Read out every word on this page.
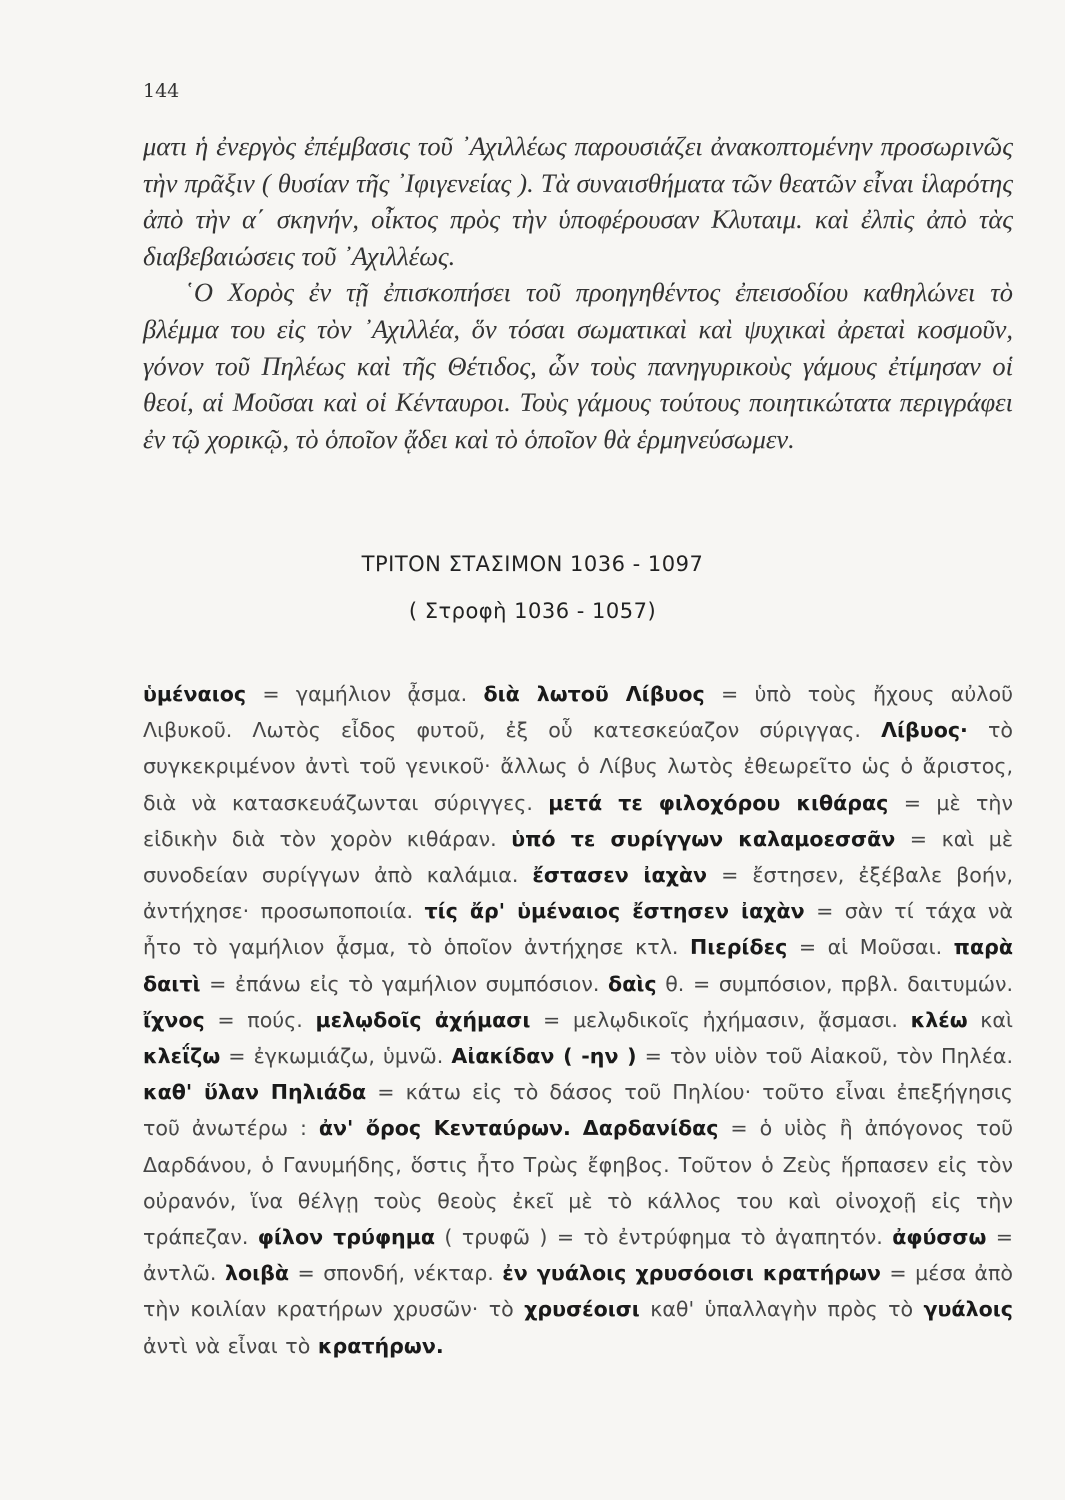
144

ματι ἡ ἐνεργὸς ἐπέμβασις τοῦ ᾿Αχιλλέως παρουσιάζει ἀνακοπτομένην προσωρινῶς τὴν πρᾶξιν ( θυσίαν τῆς ᾿Ιφιγενείας ). Τὰ συναισθήματα τῶν θεατῶν εἶναι ἱλαρότης ἀπὸ τὴν α΄ σκηνήν, οἶκτος πρὸς τὴν ὑποφέρουσαν Κλυταιμ. καὶ ἐλπὶς ἀπὸ τὰς διαβεβαιώσεις τοῦ ᾿Αχιλλέως.

῾Ο Χορὸς ἐν τῇ ἐπισκοπήσει τοῦ προηγηθέντος ἐπεισοδίου καθηλώνει τὸ βλέμμα του εἰς τὸν ᾿Αχιλλέα, ὅν τόσαι σωματικαὶ καὶ ψυχικαὶ ἀρεταὶ κοσμοῦν, γόνον τοῦ Πηλέως καὶ τῆς Θέτιδος, ὧν τοὺς πανηγυρικοὺς γάμους ἐτίμησαν οἱ θεοί, αἱ Μοῦσαι καὶ οἱ Κένταυροι. Τοὺς γάμους τούτους ποιητικώτατα περιγράφει ἐν τῷ χορικῷ, τὸ ὁποῖον ᾄδει καὶ τὸ ὁποῖον θὰ ἑρμηνεύσωμεν.

ΤΡΙΤΟΝ ΣΤΑΣΙΜΟΝ 1036 - 1097
( Στροφὴ 1036 - 1057)
ὑμέναιος = γαμήλιον ᾆσμα. διὰ λωτοῦ Λίβυος = ὑπὸ τοὺς ἤχους αὐλοῦ Λιβυκοῦ. Λωτὸς εἶδος φυτοῦ, ἐξ οὗ κατεσκεύαζον σύριγγας. Λίβυος· τὸ συγκεκριμένον ἀντὶ τοῦ γενικοῦ· ἄλλως ὁ Λίβυς λωτὸς ἐθεωρεῖτο ὡς ὁ ἄριστος, διὰ νὰ κατασκευάζωνται σύριγγες. μετά τε φιλοχόρου κιθάρας = μὲ τὴν εἰδικὴν διὰ τὸν χορὸν κιθάραν. ὑπό τε συρίγγων καλαμοεσσᾶν = καὶ μὲ συνοδείαν συρίγγων ἀπὸ καλάμια. ἔστασεν ἰαχὰν = ἔστησεν, ἐξέβαλε βοήν, ἀντήχησε· προσωποποιία. τίς ἄρ' ὑμέναιος ἔστησεν ἰαχὰν = σὰν τί τάχα νὰ ἦτο τὸ γαμήλιον ᾆσμα, τὸ ὁποῖον ἀντήχησε κτλ. Πιερίδες = αἱ Μοῦσαι. παρὰ δαιτὶ = ἐπάνω εἰς τὸ γαμήλιον συμπόσιον. δαὶς θ. = συμπόσιον, πρβλ. δαιτυμών. ἴχνος = πούς. μελῳδοῖς ἀχήμασι = μελῳδικοῖς ἠχήμασιν, ᾄσμασι. κλέω καὶ κλεΐζω = ἐγκωμιάζω, ὑμνῶ. Αἰακίδαν ( -ην ) = τὸν υἱὸν τοῦ Αἰακοῦ, τὸν Πηλέα. καθ' ὕλαν Πηλιάδα = κάτω εἰς τὸ δάσος τοῦ Πηλίου· τοῦτο εἶναι ἐπεξήγησις τοῦ ἀνωτέρω : ἀν' ὄρος Κενταύρων. Δαρδανίδας = ὁ υἱὸς ἢ ἀπόγονος τοῦ Δαρδάνου, ὁ Γανυμήδης, ὅστις ἦτο Τρὼς ἔφηβος. Τοῦτον ὁ Ζεὺς ἥρπασεν εἰς τὸν οὐρανόν, ἵνα θέλγῃ τοὺς θεοὺς ἐκεῖ μὲ τὸ κάλλος του καὶ οἰνοχοῇ εἰς τὴν τράπεζαν. φίλον τρύφημα ( τρυφῶ ) = τὸ ἐντρύφημα τὸ ἀγαπητόν. ἀφύσσω = ἀντλῶ. λοιβὰ = σπονδή, νέκταρ. ἐν γυάλοις χρυσόοισι κρατήρων = μέσα ἀπὸ τὴν κοιλίαν κρατήρων χρυσῶν· τὸ χρυσέοισι καθ' ὑπαλλαγὴν πρὸς τὸ γυάλοις ἀντὶ νὰ εἶναι τὸ κρατήρων.
